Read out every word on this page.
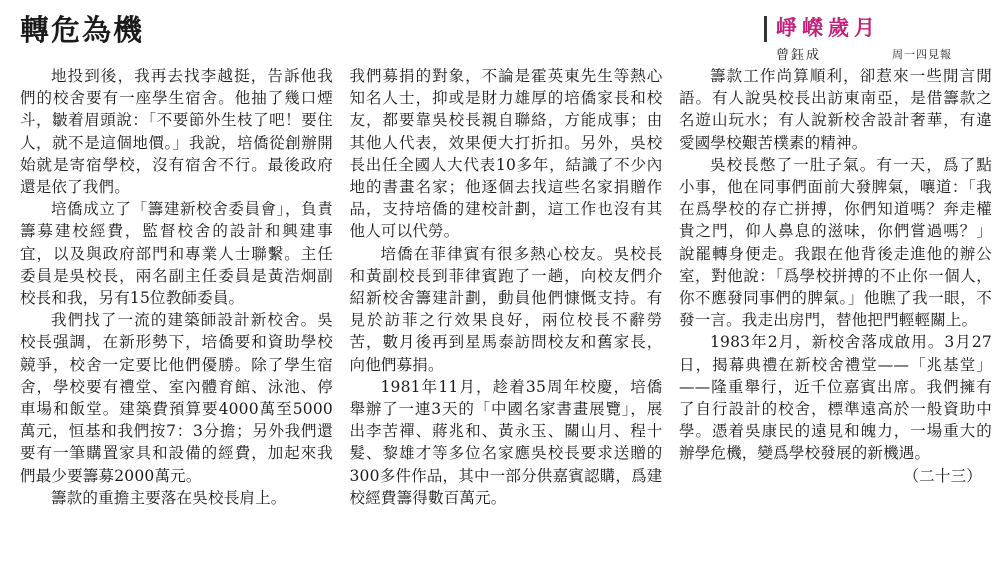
轉危為機	崢嶸歲月
曾鈺成	周一四見報

地投到後，我再去找李越挺，告訴他我們的校舍要有一座學生宿舍。他抽了幾口煙斗，皺着眉頭說：「不要節外生枝了吧！要住人，就不是這個地價。」我說，培僑從創辦開始就是寄宿學校，沒有宿舍不行。最後政府還是依了我們。

培僑成立了「籌建新校舍委員會」，負責籌募建校經費，監督校舍的設計和興建事宜，以及與政府部門和專業人士聯繫。主任委員是吳校長，兩名副主任委員是黃浩炯副校長和我，另有15位教師委員。

我們找了一流的建築師設計新校舍。吳校長强調，在新形勢下，培僑要和資助學校競爭，校舍一定要比他們優勝。除了學生宿舍，學校要有禮堂、室內體育館、泳池、停車場和飯堂。建築費預算要4000萬至5000萬元，恒基和我們按7：3分擔；另外我們還要有一筆購置家具和設備的經費，加起來我們最少要籌募2000萬元。

籌款的重擔主要落在吳校長肩上。

我們募捐的對象，不論是霍英東先生等熱心知名人士，抑或是財力雄厚的培僑家長和校友，都要靠吳校長親自聯絡，方能成事；由其他人代表，效果便大打折扣。另外，吳校長出任全國人大代表10多年，結識了不少內地的書畫名家；他逐個去找這些名家捐贈作品，支持培僑的建校計劃，這工作也沒有其他人可以代勞。

培僑在菲律賓有很多熱心校友。吳校長和黃副校長到菲律賓跑了一趟，向校友們介紹新校舍籌建計劃，動員他們慷慨支持。有見於訪菲之行效果良好，兩位校長不辭勞苦，數月後再到星馬泰訪問校友和舊家長，向他們募捐。

1981年11月，趁着35周年校慶，培僑舉辦了一連3天的「中國名家書畫展覽」，展出李苦禪、蔣兆和、黃永玉、關山月、程十髮、黎雄才等多位名家應吳校長要求送贈的300多件作品，其中一部分供嘉賓認購，爲建校經費籌得數百萬元。

籌款工作尚算順利，卻惹來一些閒言閒語。有人說吳校長出訪東南亞，是借籌款之名遊山玩水；有人說新校舍設計奢華，有違愛國學校艱苦樸素的精神。

吳校長憋了一肚子氣。有一天，爲了點小事，他在同事們面前大發脾氣，嚷道：「我在爲學校的存亡拼搏，你們知道嗎？奔走權貴之門，仰人鼻息的滋味，你們嘗過嗎？」說罷轉身便走。我跟在他背後走進他的辦公室，對他說：「爲學校拼搏的不止你一個人，你不應發同事們的脾氣。」他瞧了我一眼，不發一言。我走出房門，替他把門輕輕關上。

1983年2月，新校舍落成啟用。3月27日，揭幕典禮在新校舍禮堂——「兆基堂」——隆重舉行，近千位嘉賓出席。我們擁有了自行設計的校舍，標準遠高於一般資助中學。憑着吳康民的遠見和魄力，一場重大的辦學危機，變爲學校發展的新機遇。

（二十三）
